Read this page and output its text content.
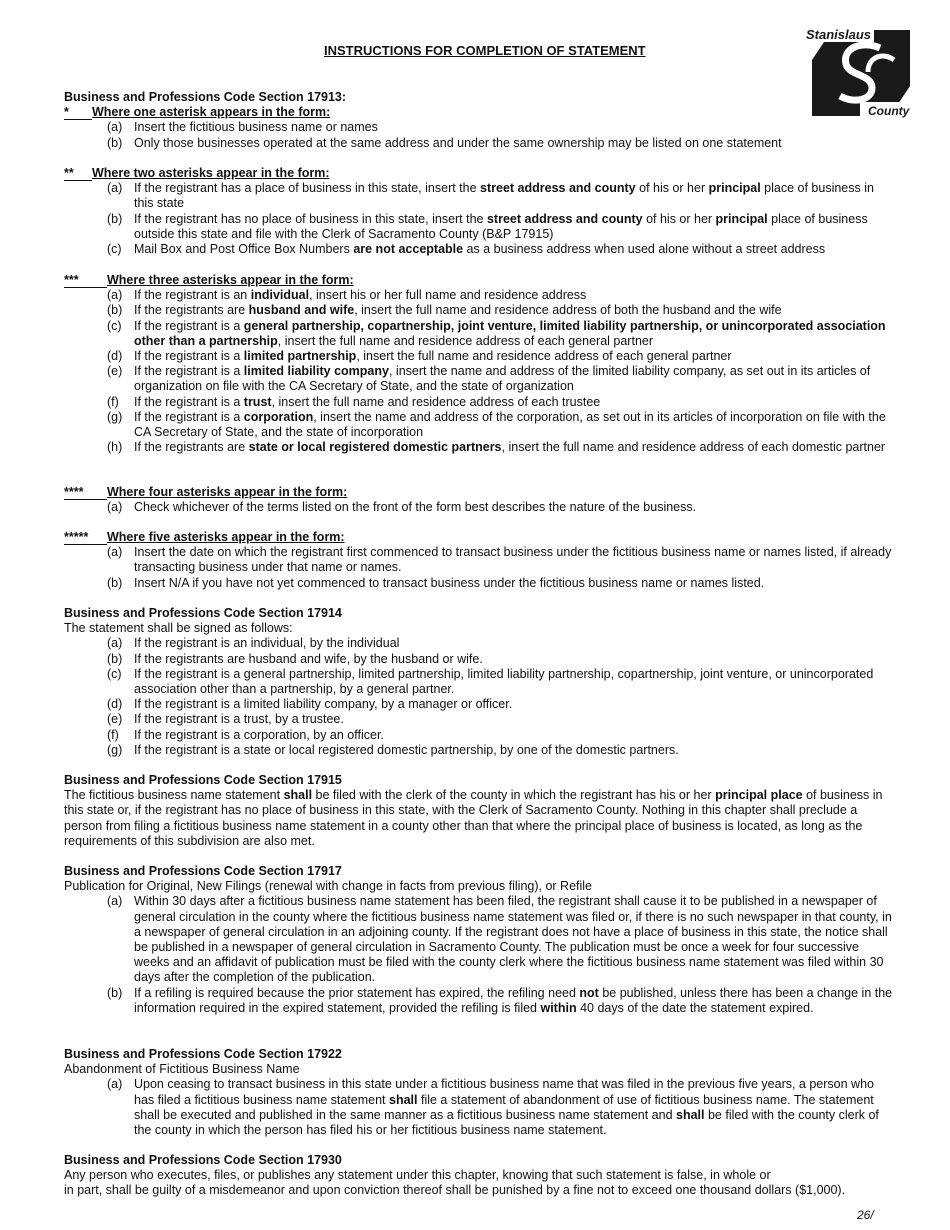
INSTRUCTIONS FOR COMPLETION OF STATEMENT
Stanislaus
County
Business and Professions Code Section 17913:
* Where one asterisk appears in the form:
(a) Insert the fictitious business name or names
(b) Only those businesses operated at the same address and under the same ownership may be listed on one statement
** Where two asterisks appear in the form:
(a) If the registrant has a place of business in this state, insert the street address and county of his or her principal place of business in this state
(b) If the registrant has no place of business in this state, insert the street address and county of his or her principal place of business outside this state and file with the Clerk of Sacramento County (B&P 17915)
(c) Mail Box and Post Office Box Numbers are not acceptable as a business address when used alone without a street address
*** Where three asterisks appear in the form:
(a) If the registrant is an individual, insert his or her full name and residence address
(b) If the registrants are husband and wife, insert the full name and residence address of both the husband and the wife
(c) If the registrant is a general partnership, copartnership, joint venture, limited liability partnership, or unincorporated association other than a partnership, insert the full name and residence address of each general partner
(d) If the registrant is a limited partnership, insert the full name and residence address of each general partner
(e) If the registrant is a limited liability company, insert the name and address of the limited liability company, as set out in its articles of organization on file with the CA Secretary of State, and the state of organization
(f) If the registrant is a trust, insert the full name and residence address of each trustee
(g) If the registrant is a corporation, insert the name and address of the corporation, as set out in its articles of incorporation on file with the CA Secretary of State, and the state of incorporation
(h) If the registrants are state or local registered domestic partners, insert the full name and residence address of each domestic partner
**** Where four asterisks appear in the form:
(a) Check whichever of the terms listed on the front of the form best describes the nature of the business.
***** Where five asterisks appear in the form:
(a) Insert the date on which the registrant first commenced to transact business under the fictitious business name or names listed, if already transacting business under that name or names.
(b) Insert N/A if you have not yet commenced to transact business under the fictitious business name or names listed.
Business and Professions Code Section 17914
The statement shall be signed as follows:
(a) If the registrant is an individual, by the individual
(b) If the registrants are husband and wife, by the husband or wife.
(c) If the registrant is a general partnership, limited partnership, limited liability partnership, copartnership, joint venture, or unincorporated association other than a partnership, by a general partner.
(d) If the registrant is a limited liability company, by a manager or officer.
(e) If the registrant is a trust, by a trustee.
(f) If the registrant is a corporation, by an officer.
(g) If the registrant is a state or local registered domestic partnership, by one of the domestic partners.
Business and Professions Code Section 17915

The fictitious business name statement shall be filed with the clerk of the county in which the registrant has his or her principal place of business in this state or, if the registrant has no place of business in this state, with the Clerk of Sacramento County. Nothing in this chapter shall preclude a person from filing a fictitious business name statement in a county other than that where the principal place of business is located, as long as the requirements of this subdivision are also met.

Business and Professions Code Section 17917
Publication for Original, New Filings (renewal with change in facts from previous filing), or Refile
(a) Within 30 days after a fictitious business name statement has been filed, the registrant shall cause it to be published in a newspaper of general circulation in the county where the fictitious business name statement was filed or, if there is no such newspaper in that county, in a newspaper of general circulation in an adjoining county. If the registrant does not have a place of business in this state, the notice shall be published in a newspaper of general circulation in Sacramento County. The publication must be once a week for four successive weeks and an affidavit of publication must be filed with the county clerk where the fictitious business name statement was filed within 30 days after the completion of the publication.
(b) If a refiling is required because the prior statement has expired, the refiling need not be published, unless there has been a change in the information required in the expired statement, provided the refiling is filed within 40 days of the date the statement expired.
Business and Professions Code Section 17922
Abandonment of Fictitious Business Name
(a) Upon ceasing to transact business in this state under a fictitious business name that was filed in the previous five years, a person who has filed a fictitious business name statement shall file a statement of abandonment of use of fictitious business name. The statement shall be executed and published in the same manner as a fictitious business name statement and shall be filed with the county clerk of the county in which the person has filed his or her fictitious business name statement.
Business and Professions Code Section 17930
Any person who executes, files, or publishes any statement under this chapter, knowing that such statement is false, in whole or
in part, shall be guilty of a misdemeanor and upon conviction thereof shall be punished by a fine not to exceed one thousand dollars ($1,000).
26/
